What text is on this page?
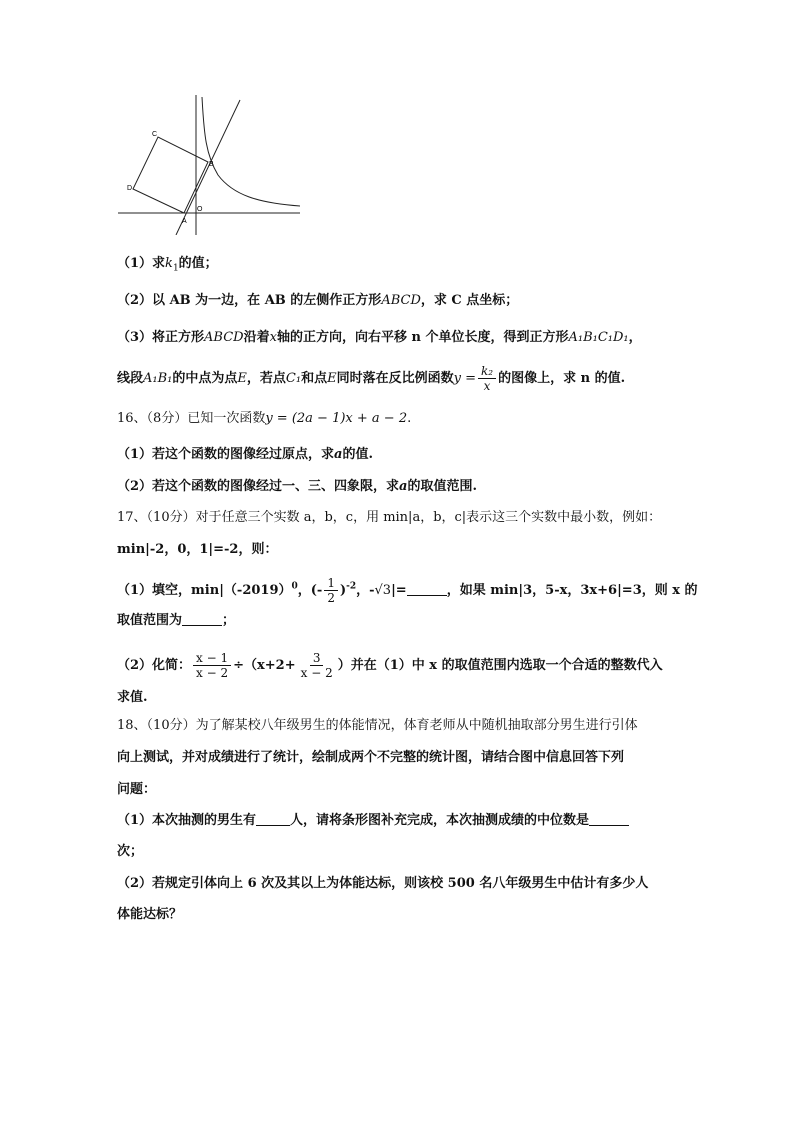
C
D
B
A
O
（1）求$k_1$的值；
（2）以 AB 为一边，在 AB 的左侧作正方形ABCD，求 C 点坐标；
（3）将正方形ABCD沿着x轴的正方向，向右平移 n 个单位长度，得到正方形A₁B₁C₁D₁，
线段A₁B₁的中点为点E，若点C₁和点E同时落在反比例函数$y = \frac{\text{k₂}}{x}$ 的图像上，求 n 的值.
16、（8分）已知一次函数y = (2a − 1)x + a − 2.
（1）若这个函数的图像经过原点，求a的值.
（2）若这个函数的图像经过一、三、四象限，求a的取值范围.
17、（10分）对于任意三个实数 a，b，c，用 min|a，b，c|表示这三个实数中最小数，例如：
min|-2，0，1|=-2，则：
（1）填空，$\min|(-2019)^0$，(- $\frac{1}{2} )^{-2}$，-√3|=	，如果 min|3，5-x，3x+6|=3，则 x 的
取值范围为	；
（2）化简： $\frac{x - 1}{x - 2} \div(x+2+ \frac{3}{x - 2}$ ）并在（1）中 x 的取值范围内选取一个合适的整数代入
求值.
18、（10分）为了解某校八年级男生的体能情况，体育老师从中随机抽取部分男生进行引体
向上测试，并对成绩进行了统计，绘制成两个不完整的统计图，请结合图中信息回答下列
问题：
（1）本次抽测的男生有	人，请将条形图补充完成，本次抽测成绩的中位数是
次；
（2）若规定引体向上 6 次及其以上为体能达标，则该校 500 名八年级男生中估计有多少人
体能达标？
